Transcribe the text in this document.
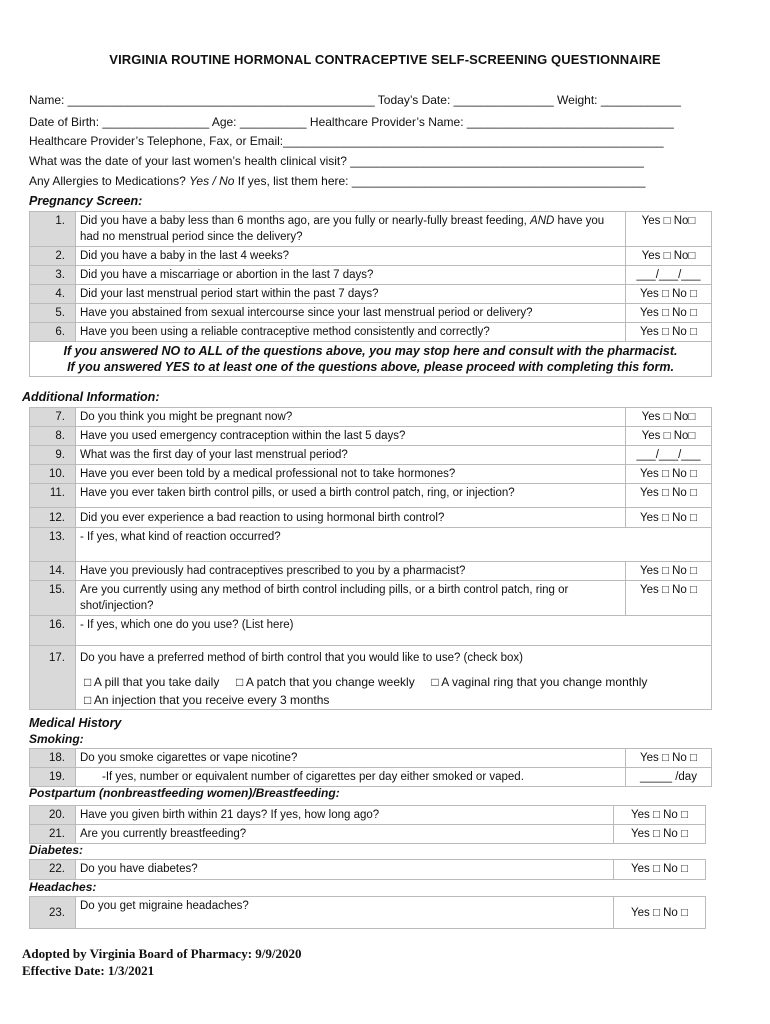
VIRGINIA ROUTINE HORMONAL CONTRACEPTIVE SELF-SCREENING QUESTIONNAIRE
Name: ______________________________________________ Today’s Date: _______________ Weight: ____________
Date of Birth: ________________ Age: __________ Healthcare Provider’s Name: _______________________________
Healthcare Provider’s Telephone, Fax, or Email:_________________________________________________________
What was the date of your last women’s health clinical visit? ____________________________________________
Any Allergies to Medications? Yes / No If yes, list them here: ____________________________________________
Pregnancy Screen:
1.	Did you have a baby less than 6 months ago, are you fully or nearly-fully breast feeding, AND have you had no menstrual period since the delivery?	Yes □ No□
2.	Did you have a baby in the last 4 weeks?	Yes □ No□
3.	Did you have a miscarriage or abortion in the last 7 days?	___/___/___
4.	Did your last menstrual period start within the past 7 days?	Yes □ No □
5.	Have you abstained from sexual intercourse since your last menstrual period or delivery?	Yes □ No □
6.	Have you been using a reliable contraceptive method consistently and correctly?	Yes □ No □

If you answered NO to ALL of the questions above, you may stop here and consult with the pharmacist.
If you answered YES to at least one of the questions above, please proceed with completing this form.		
Additional Information:
7.	Do you think you might be pregnant now?	Yes □ No□
8.	Have you used emergency contraception within the last 5 days?	Yes □ No□
9.	What was the first day of your last menstrual period?	___/___/___
10.	Have you ever been told by a medical professional not to take hormones?	Yes □ No □
11.	Have you ever taken birth control pills, or used a birth control patch, ring, or injection?	Yes □ No □
12.	Did you ever experience a bad reaction to using hormonal birth control?	Yes □ No □
13.	- If yes, what kind of reaction occurred?	
14.	Have you previously had contraceptives prescribed to you by a pharmacist?	Yes □ No □
15.	Are you currently using any method of birth control including pills, or a birth control patch, ring or shot/injection?	Yes □ No □
16.	- If yes, which one do you use? (List here)	
17.	Do you have a preferred method of birth control that you would like to use? (check box)
□ A pill that you take daily □ A patch that you change weekly □ A vaginal ring that you change monthly
□ An injection that you receive every 3 months	
Medical History
Smoking:
18.	Do you smoke cigarettes or vape nicotine?	Yes □ No □
19.	-If yes, number or equivalent number of cigarettes per day either smoked or vaped.	_____ /day
Postpartum (nonbreastfeeding women)/Breastfeeding:
20.	Have you given birth within 21 days? If yes, how long ago?	Yes □ No □
21.	Are you currently breastfeeding?	Yes □ No □
Diabetes:
22.	Do you have diabetes?	Yes □ No □
Headaches:
23.	Do you get migraine headaches?	Yes □ No □
Adopted by Virginia Board of Pharmacy: 9/9/2020
Effective Date: 1/3/2021
